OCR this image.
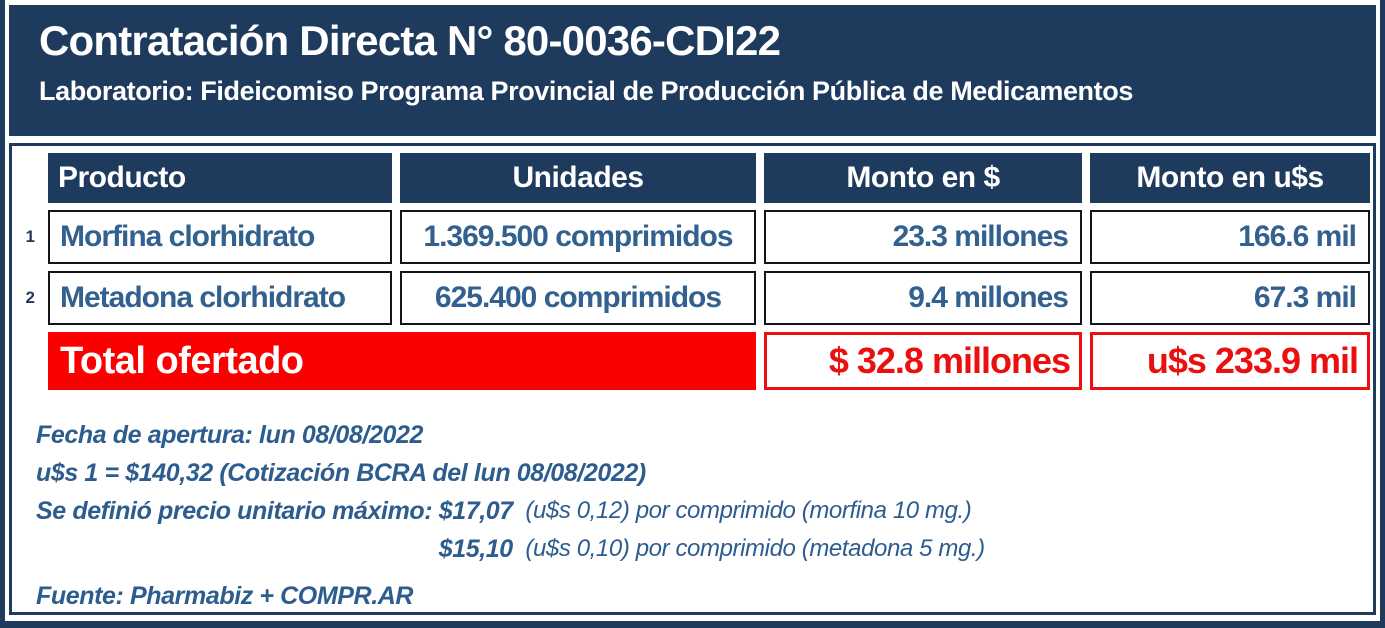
Contratación Directa N° 80-0036-CDI22
Laboratorio: Fideicomiso Programa Provincial de Producción Pública de Medicamentos
Producto	Unidades	Monto en $	Monto en u$s
1 Morfina clorhidrato	1.369.500 comprimidos	23.3 millones	166.6 mil
2 Metadona clorhidrato	625.400 comprimidos	9.4 millones	67.3 mil
Total ofertado	$ 32.8 millones	u$s 233.9 mil
Fecha de apertura: lun 08/08/2022
u$s 1 = $140,32 (Cotización BCRA del lun 08/08/2022)
Se definió precio unitario máximo: $17,07 (u$s 0,12) por comprimido (morfina 10 mg.)
$15,10 (u$s 0,10) por comprimido (metadona 5 mg.)
Fuente: Pharmabiz + COMPR.AR
